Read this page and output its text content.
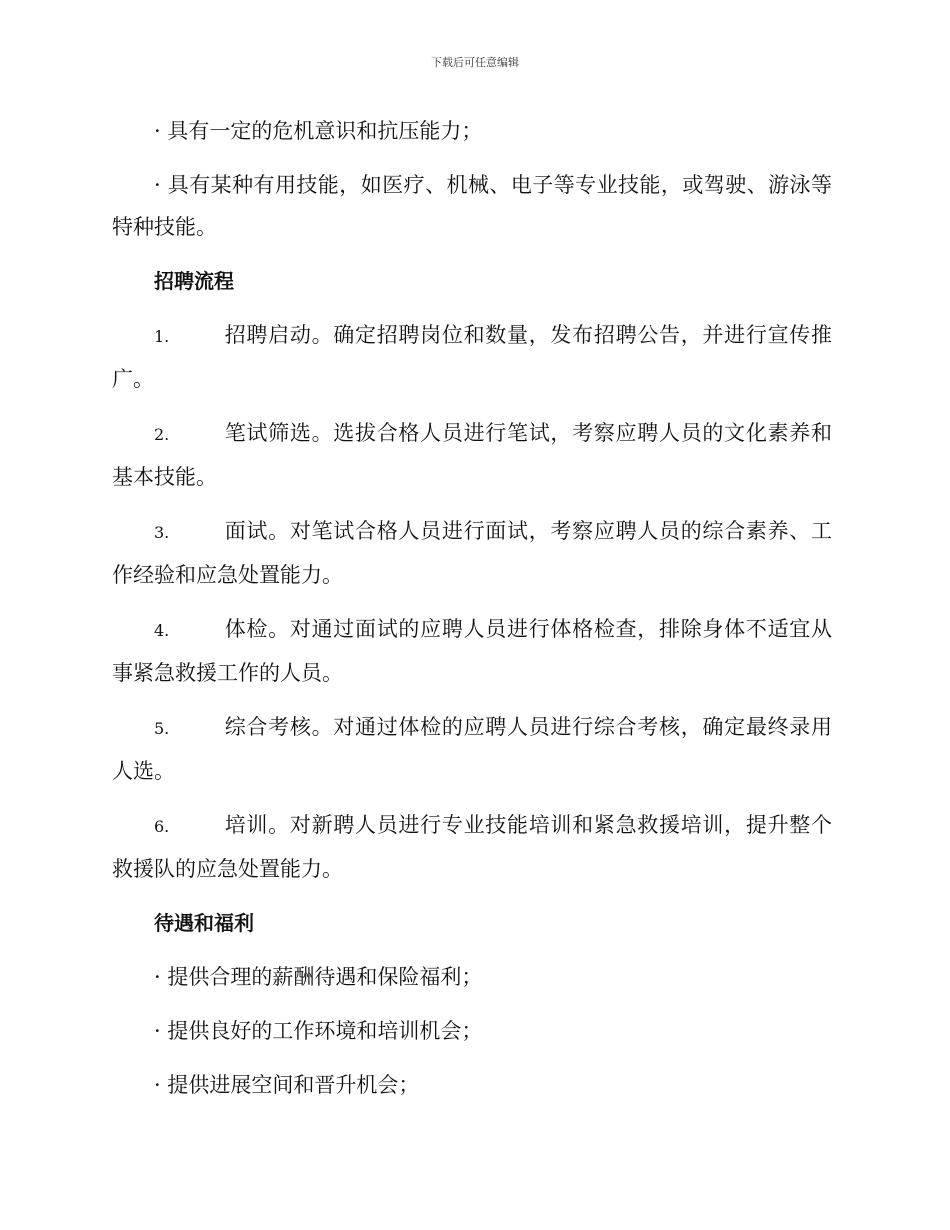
下载后可任意编辑

· 具有一定的危机意识和抗压能力；

· 具有某种有用技能，如医疗、机械、电子等专业技能，或驾驶、游泳等特种技能。

招聘流程

1.	招聘启动。确定招聘岗位和数量，发布招聘公告，并进行宣传推广。

2.	笔试筛选。选拔合格人员进行笔试，考察应聘人员的文化素养和基本技能。

3.	面试。对笔试合格人员进行面试，考察应聘人员的综合素养、工作经验和应急处置能力。

4.	体检。对通过面试的应聘人员进行体格检查，排除身体不适宜从事紧急救援工作的人员。

5.	综合考核。对通过体检的应聘人员进行综合考核，确定最终录用人选。

6.	培训。对新聘人员进行专业技能培训和紧急救援培训，提升整个救援队的应急处置能力。

待遇和福利

· 提供合理的薪酬待遇和保险福利；

· 提供良好的工作环境和培训机会；

· 提供进展空间和晋升机会；
